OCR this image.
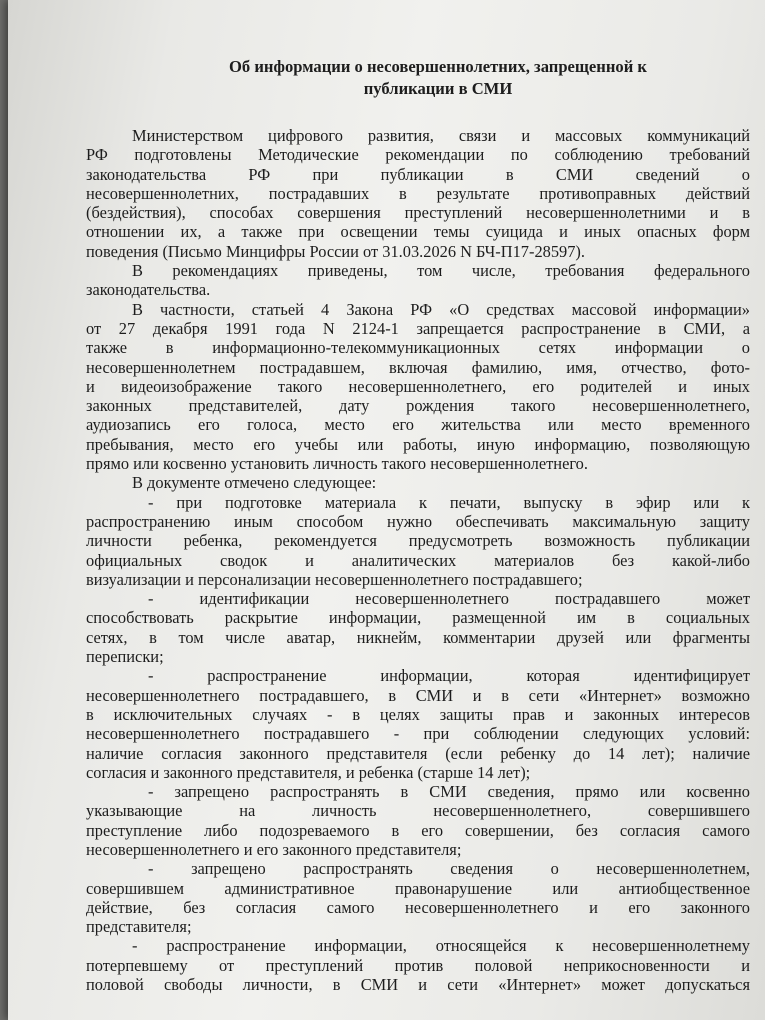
Об информации о несовершеннолетних, запрещенной к
публикации в СМИ
Министерством цифрового развития, связи и массовых коммуникаций
РФ подготовлены Методические рекомендации по соблюдению требований
законодательства РФ при публикации в СМИ сведений о
несовершеннолетних, пострадавших в результате противоправных действий
(бездействия), способах совершения преступлений несовершеннолетними и в
отношении их, а также при освещении темы суицида и иных опасных форм
поведения (Письмо Минцифры России от 31.03.2026 N БЧ-П17-28597).
В рекомендациях приведены, том числе, требования федерального
законодательства.
В частности, статьей 4 Закона РФ «О средствах массовой информации»
от 27 декабря 1991 года N 2124-1 запрещается распространение в СМИ, а
также в информационно-телекоммуникационных сетях информации о
несовершеннолетнем пострадавшем, включая фамилию, имя, отчество, фото-
и видеоизображение такого несовершеннолетнего, его родителей и иных
законных представителей, дату рождения такого несовершеннолетнего,
аудиозапись его голоса, место его жительства или место временного
пребывания, место его учебы или работы, иную информацию, позволяющую
прямо или косвенно установить личность такого несовершеннолетнего.
В документе отмечено следующее:
- при подготовке материала к печати, выпуску в эфир или к
распространению иным способом нужно обеспечивать максимальную защиту
личности ребенка, рекомендуется предусмотреть возможность публикации
официальных сводок и аналитических материалов без какой-либо
визуализации и персонализации несовершеннолетнего пострадавшего;
- идентификации несовершеннолетнего пострадавшего может
способствовать раскрытие информации, размещенной им в социальных
сетях, в том числе аватар, никнейм, комментарии друзей или фрагменты
переписки;
- распространение информации, которая идентифицирует
несовершеннолетнего пострадавшего, в СМИ и в сети «Интернет» возможно
в исключительных случаях - в целях защиты прав и законных интересов
несовершеннолетнего пострадавшего - при соблюдении следующих условий:
наличие согласия законного представителя (если ребенку до 14 лет); наличие
согласия и законного представителя, и ребенка (старше 14 лет);
- запрещено распространять в СМИ сведения, прямо или косвенно
указывающие на личность несовершеннолетнего, совершившего
преступление либо подозреваемого в его совершении, без согласия самого
несовершеннолетнего и его законного представителя;
- запрещено распространять сведения о несовершеннолетнем,
совершившем административное правонарушение или антиобщественное
действие, без согласия самого несовершеннолетнего и его законного
представителя;
- распространение информации, относящейся к несовершеннолетнему
потерпевшему от преступлений против половой неприкосновенности и
половой свободы личности, в СМИ и сети «Интернет» может допускаться
